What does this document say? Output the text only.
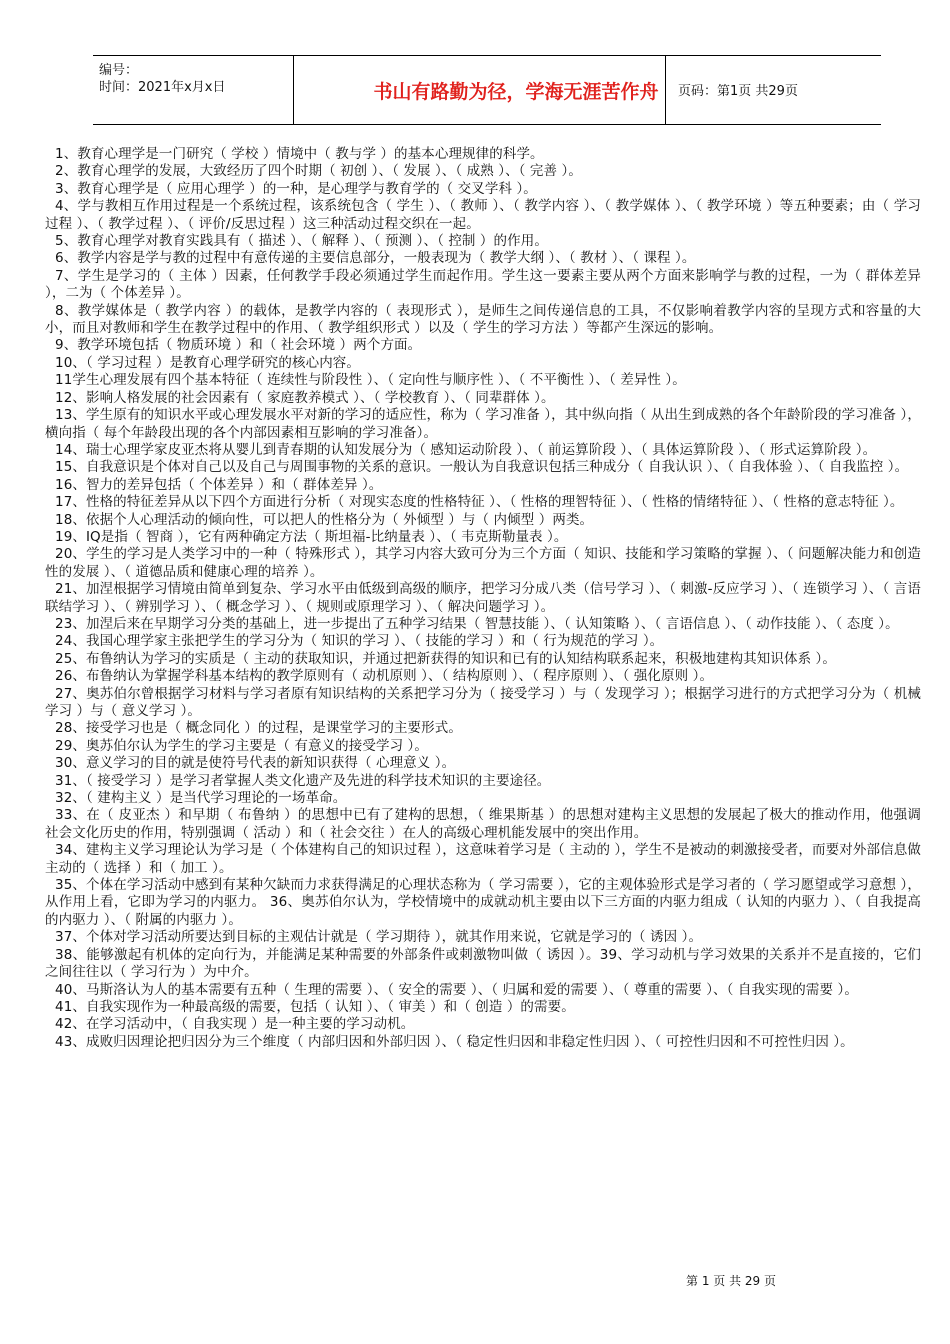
编号：
时间：2021年x月x日	书山有路勤为径，学海无涯苦作舟	页码：第1页 共29页

1、教育心理学是一门研究（ 学校 ）情境中（ 教与学 ）的基本心理规律的科学。

2、教育心理学的发展，大致经历了四个时期（ 初创 ）、（ 发展 ）、（ 成熟 ）、（ 完善 ）。

3、教育心理学是（ 应用心理学 ）的一种，是心理学与教育学的（ 交叉学科 ）。

4、学与教相互作用过程是一个系统过程，该系统包含（ 学生 ）、（ 教师 ）、（ 教学内容 ）、（ 教学媒体 ）、（ 教学环境 ）等五种要素；由（ 学习过程 ）、（ 教学过程 ）、（ 评价/反思过程 ）这三种活动过程交织在一起。

5、教育心理学对教育实践具有（ 描述 ）、（ 解释 ）、（ 预测 ）、（ 控制 ）的作用。

6、教学内容是学与教的过程中有意传递的主要信息部分，一般表现为（ 教学大纲 ）、（ 教材 ）、（ 课程 ）。

7、学生是学习的（ 主体 ）因素，任何教学手段必须通过学生而起作用。学生这一要素主要从两个方面来影响学与教的过程，一为（ 群体差异 ），二为（ 个体差异 ）。

8、教学媒体是（ 教学内容 ）的载体，是教学内容的（ 表现形式 ），是师生之间传递信息的工具，不仅影响着教学内容的呈现方式和容量的大小，而且对教师和学生在教学过程中的作用、（ 教学组织形式 ）以及（ 学生的学习方法 ）等都产生深远的影响。

9、教学环境包括（ 物质环境 ）和（ 社会环境 ）两个方面。

10、（ 学习过程 ）是教育心理学研究的核心内容。

11学生心理发展有四个基本特征（ 连续性与阶段性 ）、（ 定向性与顺序性 ）、（ 不平衡性 ）、（ 差异性 ）。

12、影响人格发展的社会因素有（ 家庭教养模式 ）、（ 学校教育 ）、（ 同辈群体 ）。

13、学生原有的知识水平或心理发展水平对新的学习的适应性，称为（ 学习准备 ），其中纵向指（ 从出生到成熟的各个年龄阶段的学习准备 ），横向指（ 每个年龄段出现的各个内部因素相互影响的学习准备）。

14、瑞士心理学家皮亚杰将从婴儿到青春期的认知发展分为（ 感知运动阶段 ）、（ 前运算阶段 ）、（ 具体运算阶段 ）、（ 形式运算阶段 ）。

15、自我意识是个体对自己以及自己与周围事物的关系的意识。一般认为自我意识包括三种成分（ 自我认识 ）、（ 自我体验 ）、（ 自我监控 ）。

16、智力的差异包括（ 个体差异 ）和（ 群体差异 ）。

17、性格的特征差异从以下四个方面进行分析（ 对现实态度的性格特征 ）、（ 性格的理智特征 ）、（ 性格的情绪特征 ）、（ 性格的意志特征 ）。

18、依据个人心理活动的倾向性，可以把人的性格分为（ 外倾型 ）与（ 内倾型 ）两类。

19、IQ是指（ 智商 ），它有两种确定方法（ 斯坦福-比纳量表 ）、（ 韦克斯勒量表 ）。

20、学生的学习是人类学习中的一种（ 特殊形式 ），其学习内容大致可分为三个方面（ 知识、技能和学习策略的掌握 ）、（ 问题解决能力和创造性的发展 ）、（ 道德品质和健康心理的培养 ）。

21、加涅根据学习情境由简单到复杂、学习水平由低级到高级的顺序，把学习分成八类（信号学习 ）、（ 刺激-反应学习 ）、（ 连锁学习 ）、（ 言语联结学习 ）、（ 辨别学习 ）、（ 概念学习 ）、（ 规则或原理学习 ）、（ 解决问题学习 ）。

23、加涅后来在早期学习分类的基础上，进一步提出了五种学习结果（ 智慧技能 ）、（ 认知策略 ）、（ 言语信息 ）、（ 动作技能 ）、（ 态度 ）。

24、我国心理学家主张把学生的学习分为（ 知识的学习 ）、（ 技能的学习 ）和（ 行为规范的学习 ）。

25、布鲁纳认为学习的实质是（ 主动的获取知识，并通过把新获得的知识和已有的认知结构联系起来，积极地建构其知识体系 ）。

26、布鲁纳认为掌握学科基本结构的教学原则有（ 动机原则 ）、（ 结构原则 ）、（ 程序原则 ）、（ 强化原则 ）。

27、奥苏伯尔曾根据学习材料与学习者原有知识结构的关系把学习分为（ 接受学习 ）与（ 发现学习 ）；根据学习进行的方式把学习分为（ 机械学习 ）与（ 意义学习 ）。

28、接受学习也是（ 概念同化 ）的过程，是课堂学习的主要形式。

29、奥苏伯尔认为学生的学习主要是（ 有意义的接受学习 ）。

30、意义学习的目的就是使符号代表的新知识获得（ 心理意义 ）。

31、（ 接受学习 ）是学习者掌握人类文化遗产及先进的科学技术知识的主要途径。

32、（ 建构主义 ）是当代学习理论的一场革命。

33、在（ 皮亚杰 ）和早期（ 布鲁纳 ）的思想中已有了建构的思想，（ 维果斯基 ）的思想对建构主义思想的发展起了极大的推动作用，他强调社会文化历史的作用，特别强调（ 活动 ）和（ 社会交往 ）在人的高级心理机能发展中的突出作用。

34、建构主义学习理论认为学习是（ 个体建构自己的知识过程 ），这意味着学习是（ 主动的 ），学生不是被动的刺激接受者，而要对外部信息做主动的（ 选择 ）和（ 加工 ）。

35、个体在学习活动中感到有某种欠缺而力求获得满足的心理状态称为（ 学习需要 ），它的主观体验形式是学习者的（ 学习愿望或学习意想 ），从作用上看，它即为学习的内驱力。 36、奥苏伯尔认为，学校情境中的成就动机主要由以下三方面的内驱力组成（ 认知的内驱力 ）、（ 自我提高的内驱力 ）、（ 附属的内驱力 ）。

37、个体对学习活动所要达到目标的主观估计就是（ 学习期待 ），就其作用来说，它就是学习的（ 诱因 ）。

38、能够激起有机体的定向行为，并能满足某种需要的外部条件或刺激物叫做（ 诱因 ）。39、学习动机与学习效果的关系并不是直接的，它们之间往往以（ 学习行为 ）为中介。

40、马斯洛认为人的基本需要有五种（ 生理的需要 ）、（ 安全的需要 ）、（ 归属和爱的需要 ）、（ 尊重的需要 ）、（ 自我实现的需要 ）。

41、自我实现作为一种最高级的需要，包括（ 认知 ）、（ 审美 ）和（ 创造 ）的需要。

42、在学习活动中，（ 自我实现 ）是一种主要的学习动机。

43、成败归因理论把归因分为三个维度（ 内部归因和外部归因 ）、（ 稳定性归因和非稳定性归因 ）、（ 可控性归因和不可控性归因 ）。

第 1 页 共 29 页
